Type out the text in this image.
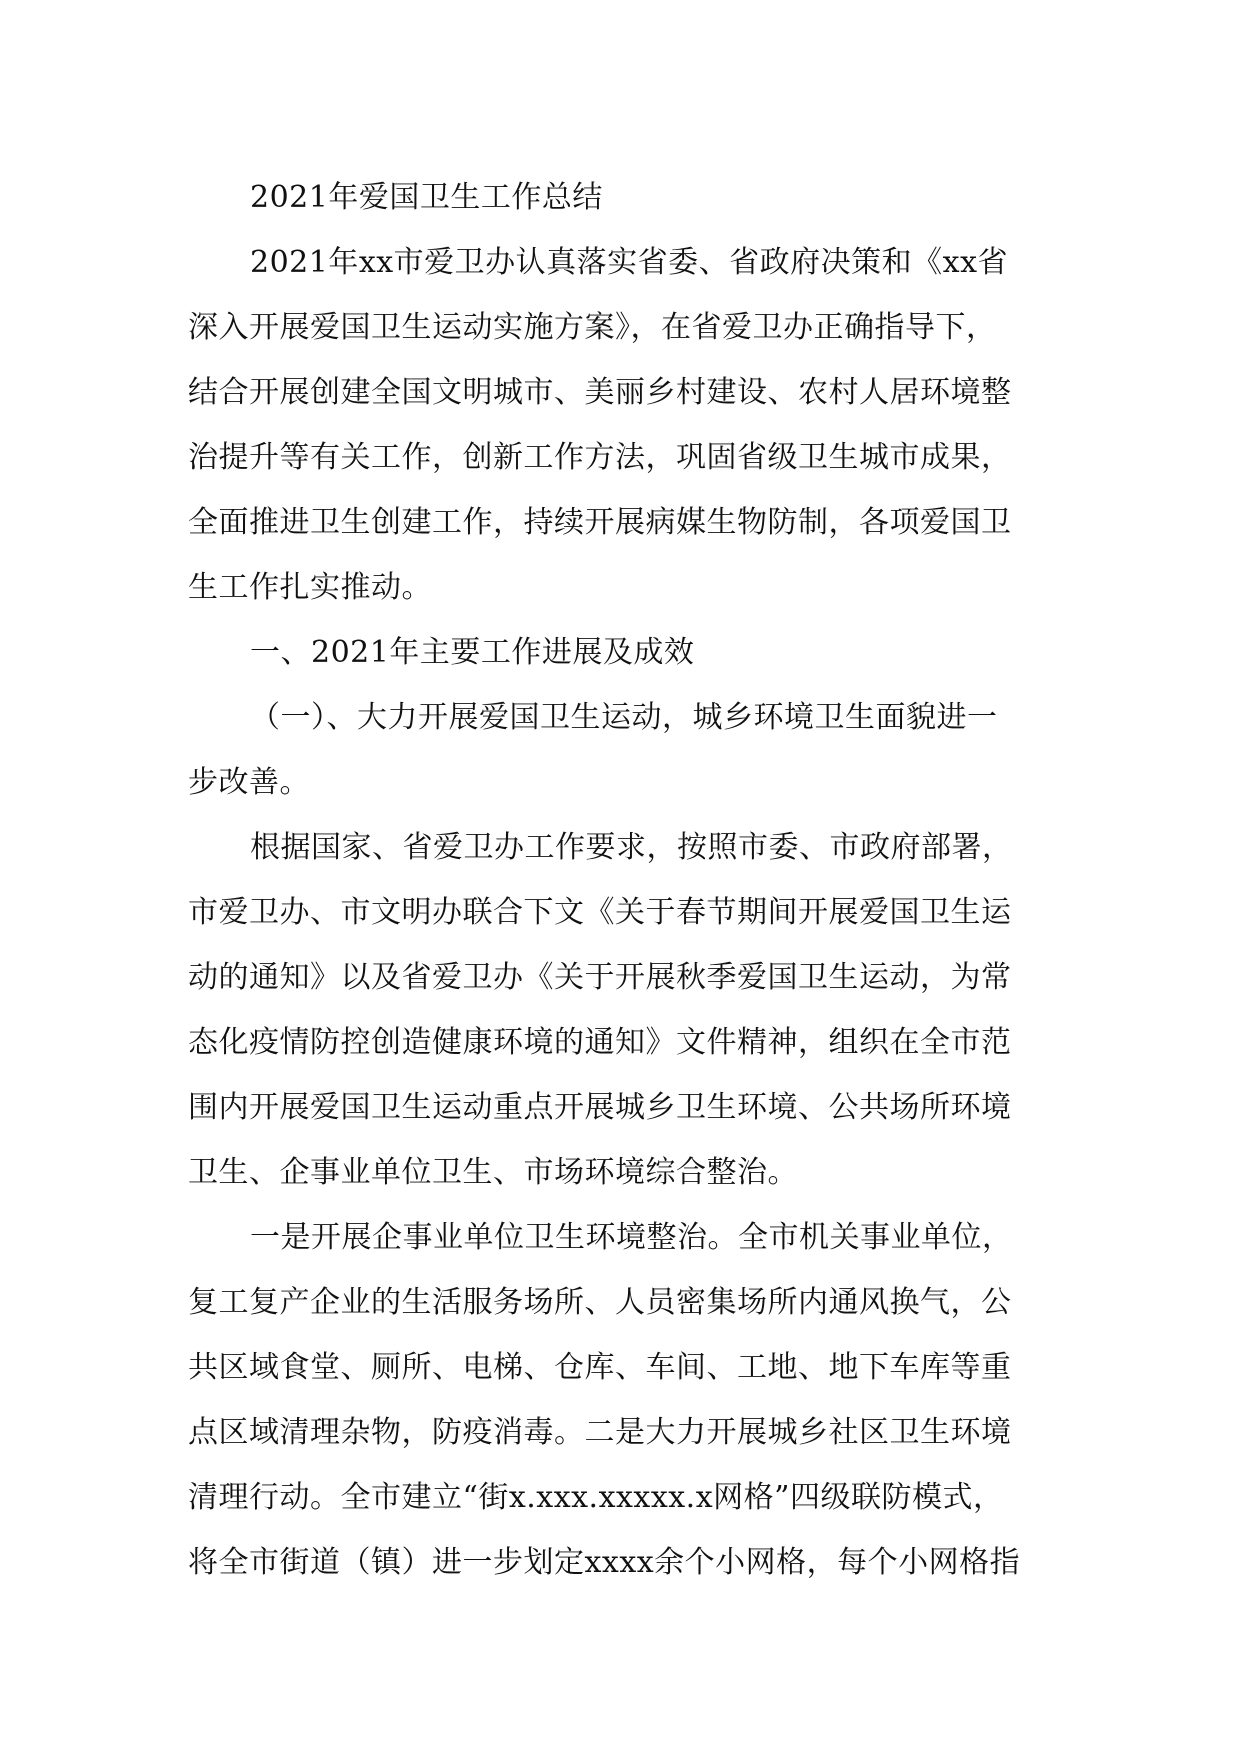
2021年爱国卫生工作总结
2021年xx市爱卫办认真落实省委、省政府决策和《xx省
深入开展爱国卫生运动实施方案》，在省爱卫办正确指导下，
结合开展创建全国文明城市、美丽乡村建设、农村人居环境整
治提升等有关工作，创新工作方法，巩固省级卫生城市成果，
全面推进卫生创建工作，持续开展病媒生物防制，各项爱国卫
生工作扎实推动。
一、2021年主要工作进展及成效
（一）、大力开展爱国卫生运动，城乡环境卫生面貌进一
步改善。
根据国家、省爱卫办工作要求，按照市委、市政府部署，
市爱卫办、市文明办联合下文《关于春节期间开展爱国卫生运
动的通知》以及省爱卫办《关于开展秋季爱国卫生运动，为常
态化疫情防控创造健康环境的通知》文件精神，组织在全市范
围内开展爱国卫生运动重点开展城乡卫生环境、公共场所环境
卫生、企事业单位卫生、市场环境综合整治。
一是开展企事业单位卫生环境整治。全市机关事业单位，
复工复产企业的生活服务场所、人员密集场所内通风换气，公
共区域食堂、厕所、电梯、仓库、车间、工地、地下车库等重
点区域清理杂物，防疫消毒。二是大力开展城乡社区卫生环境
清理行动。全市建立“街x.xxx.xxxxx.x网格”四级联防模式，
将全市街道（镇）进一步划定xxxx余个小网格，每个小网格指
